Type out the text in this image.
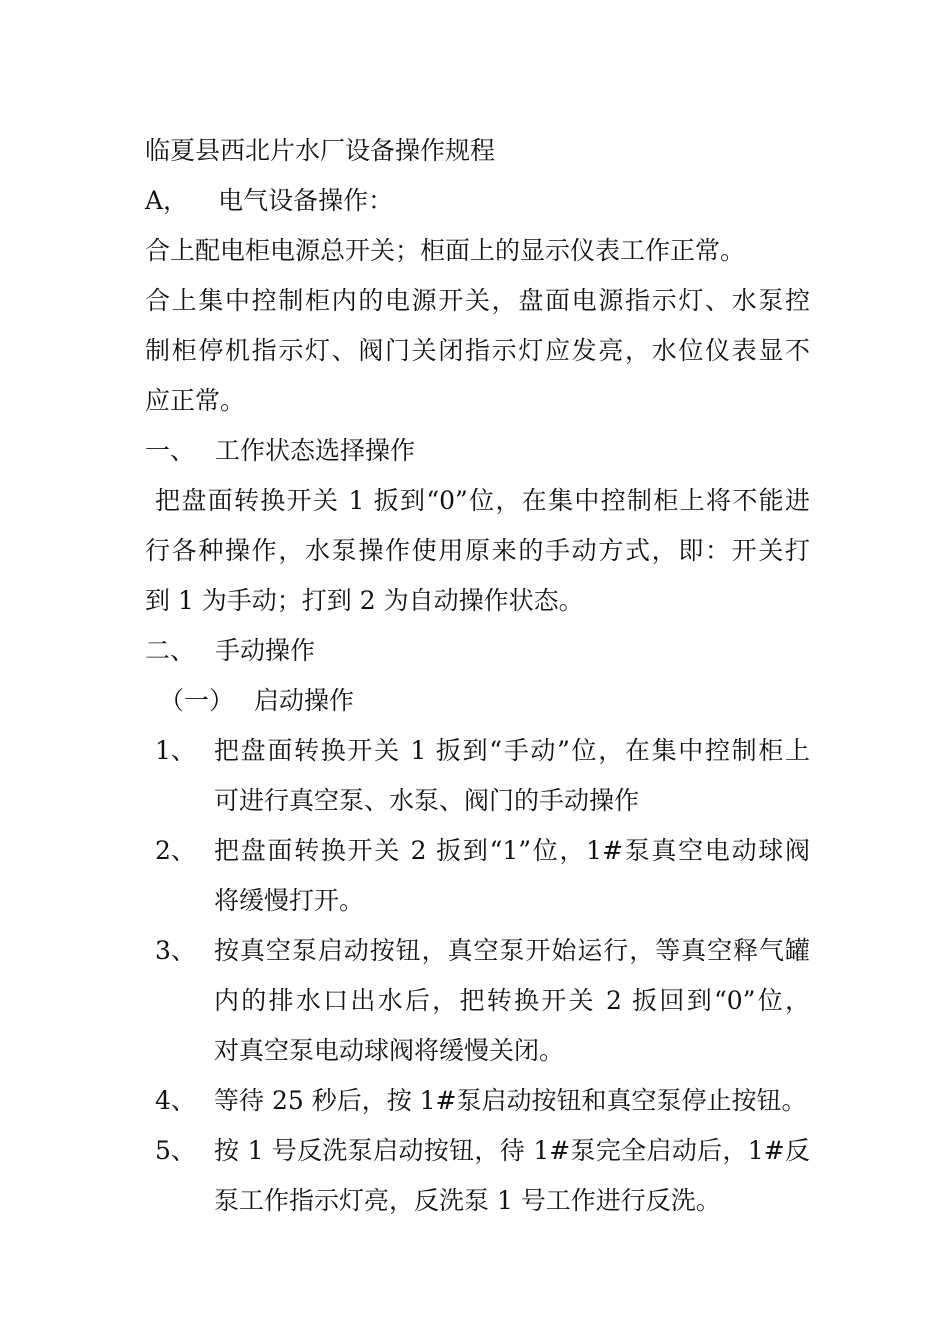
临夏县西北片水厂设备操作规程
A， 电气设备操作：
合上配电柜电源总开关；柜面上的显示仪表工作正常。
合上集中控制柜内的电源开关，盘面电源指示灯、水泵控
制柜停机指示灯、阀门关闭指示灯应发亮，水位仪表显不
应正常。
一、 工作状态选择操作
把盘面转换开关 1 扳到“0”位，在集中控制柜上将不能进
行各种操作，水泵操作使用原来的手动方式，即：开关打
到 1 为手动；打到 2 为自动操作状态。
二、 手动操作
（一） 启动操作
1、 把盘面转换开关 1 扳到“手动”位，在集中控制柜上
可进行真空泵、水泵、阀门的手动操作
2、 把盘面转换开关 2 扳到“1”位，1#泵真空电动球阀
将缓慢打开。
3、 按真空泵启动按钮，真空泵开始运行，等真空释气罐
内的排水口出水后，把转换开关 2 扳回到“0”位，
对真空泵电动球阀将缓慢关闭。
4、 等待 25 秒后，按 1#泵启动按钮和真空泵停止按钮。
5、 按 1 号反洗泵启动按钮，待 1#泵完全启动后，1#反
泵工作指示灯亮，反洗泵 1 号工作进行反洗。
